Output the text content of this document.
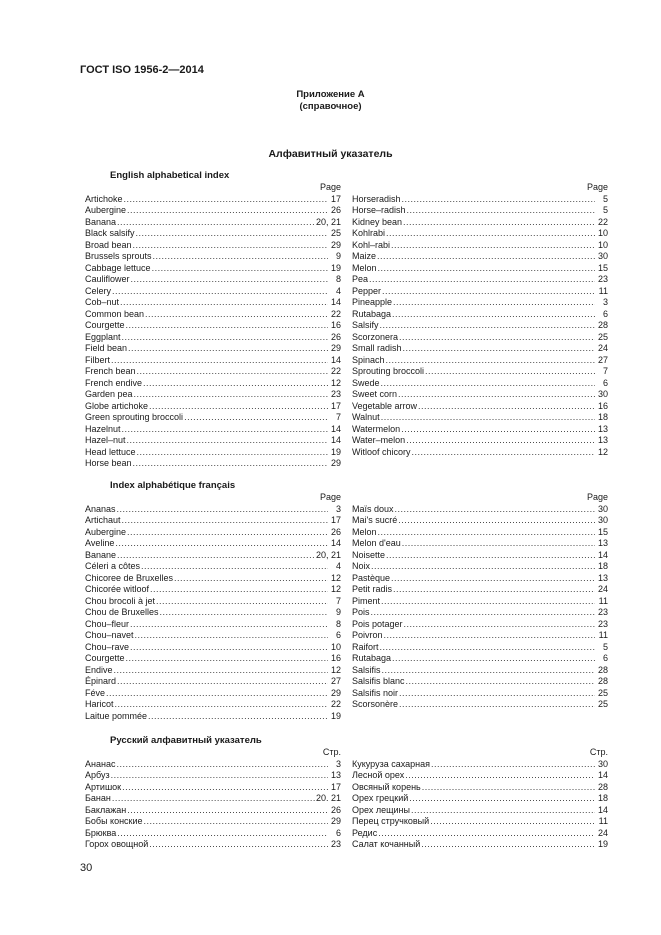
ГОСТ ISO 1956-2—2014
Приложение А
(справочное)
Алфавитный указатель
English alphabetical index
Page
Artichoke .....	17
Aubergine .....	26
Banana .....	20, 21
Black salsify .....	25
Broad bean .....	29
Brussels sprouts .....	9
Cabbage lettuce .....	19
Cauliflower .....	8
Celery .....	4
Cob–nut .....	14
Common bean .....	22
Courgette .....	16
Eggplant .....	26
Field bean .....	29
Filbert .....	14
French bean .....	22
French endive .....	12
Garden pea .....	23
Globe artichoke .....	17
Green sprouting broccoli .....	7
Hazelnut .....	14
Hazel–nut .....	14
Head lettuce .....	19
Horse bean .....	29
Page
Horseradish .....	5
Horse–radish .....	5
Kidney bean .....	22
Kohlrabi .....	10
Kohl–rabi .....	10
Maize .....	30
Melon .....	15
Pea .....	23
Pepper .....	11
Pineapple .....	3
Rutabaga .....	6
Salsify .....	28
Scorzonera .....	25
Small radish .....	24
Spinach .....	27
Sprouting broccoli .....	7
Swede .....	6
Sweet corn .....	30
Vegetable arrow .....	16
Walnut .....	18
Watermelon .....	13
Water–melon .....	13
Witloof chicory .....	12
Index alphabétique français
Page
Ananas .....	3
Artichaut .....	17
Aubergine .....	26
Aveline .....	14
Banane .....	20, 21
Céleri a côtes .....	4
Chicoree de Bruxelles .....	12
Chicorée witloof .....	12
Chou brocoli à jet .....	7
Chou de Bruxelles .....	9
Chou–fleur .....	8
Chou–navet .....	6
Chou–rave .....	10
Courgette .....	16
Endive .....	12
Épinard .....	27
Féve .....	29
Haricot .....	22
Laitue pommée .....	19
Page
Maïs doux .....	30
Mai's sucré .....	30
Melon .....	15
Melon d'eau .....	13
Noisette .....	14
Noix .....	18
Pastèque .....	13
Petit radis .....	24
Piment .....	11
Pois .....	23
Pois potager .....	23
Poivron .....	11
Raifort .....	5
Rutabaga .....	6
Salsifis .....	28
Salsifis blanc .....	28
Salsifis noir .....	25
Scorsonère .....	25
Русский алфавитный указатель
Стр.
Ананас .....	3
Арбуз .....	13
Артишок .....	17
Банан .....	20. 21
Баклажан .....	26
Бобы конские .....	29
Брюква .....	6
Горох овощной .....	23
Стр.
Кукуруза сахарная .....	30
Лесной орех .....	14
Овсяный корень .....	28
Орех грецкий .....	18
Орех лещины .....	14
Перец стручковый .....	11
Редис .....	24
Салат кочанный .....	19
30
